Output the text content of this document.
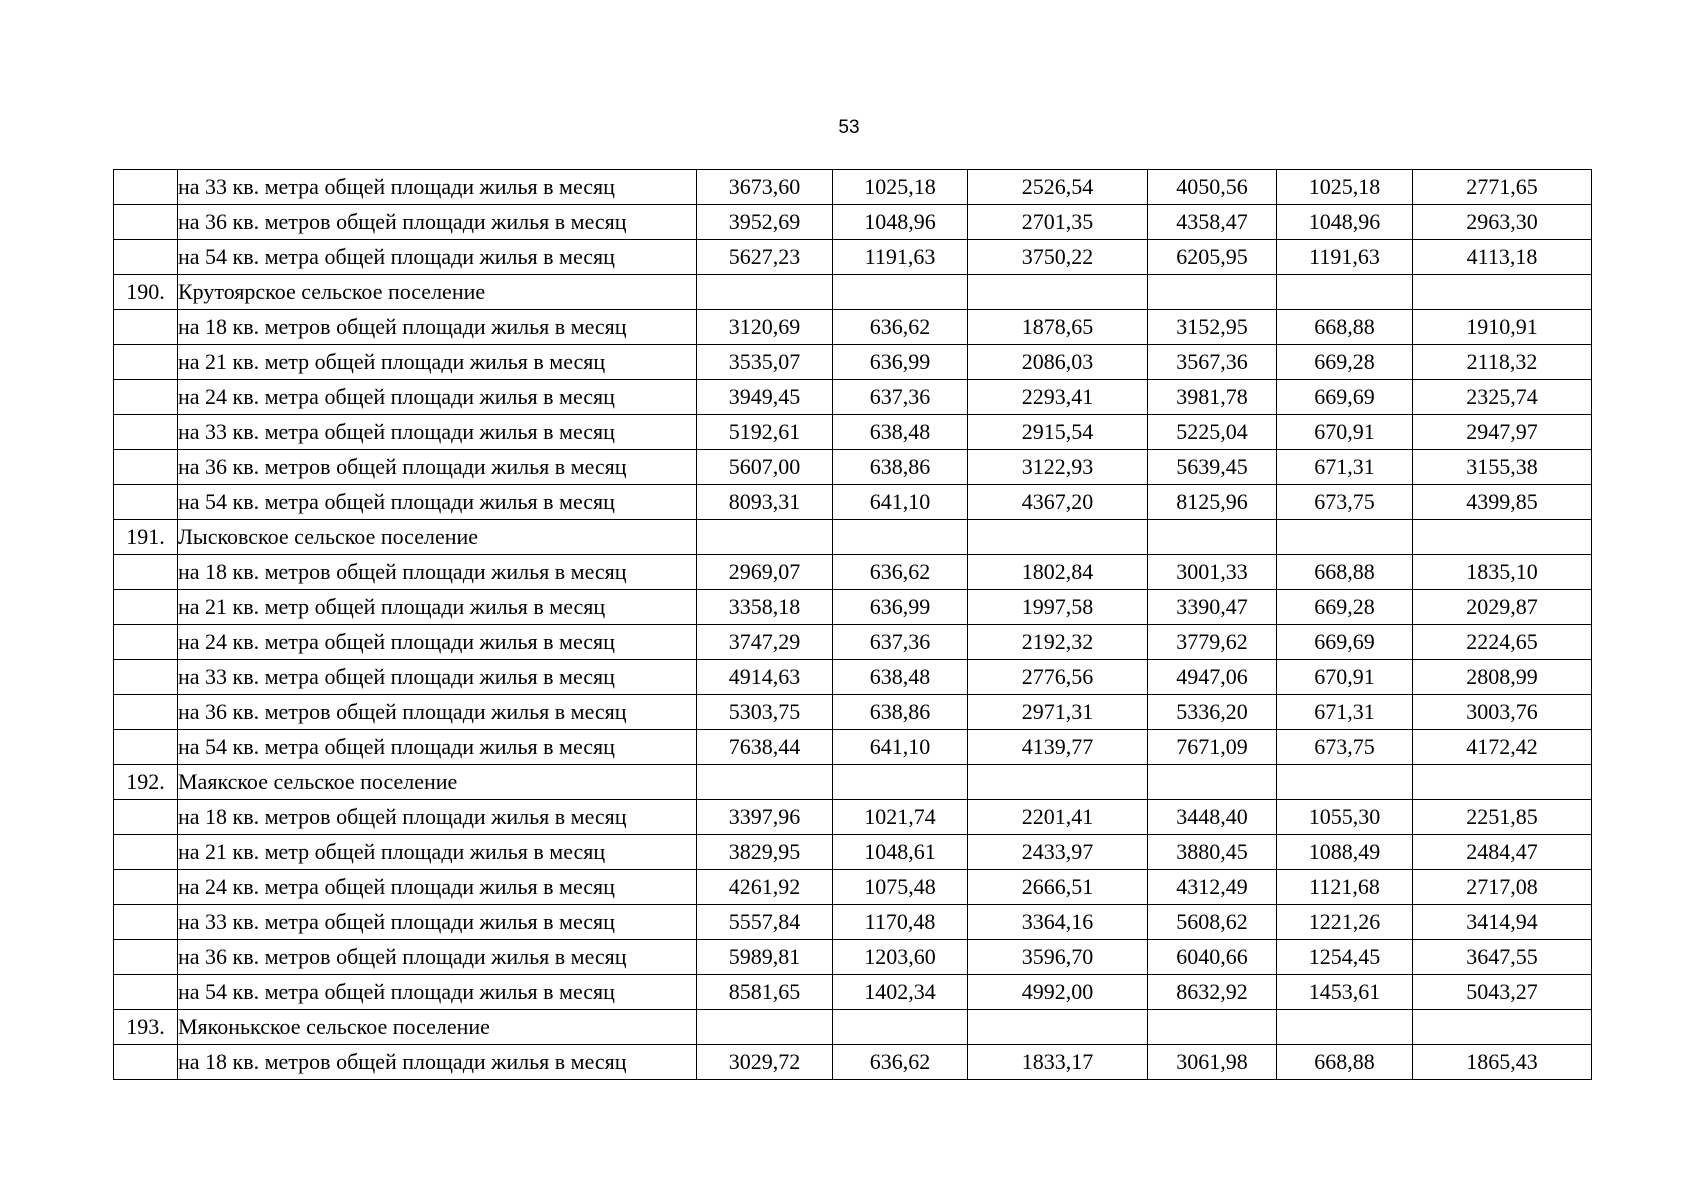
53
	на 33 кв. метра общей площади жилья в месяц	3673,60	1025,18	2526,54	4050,56	1025,18	2771,65
	на 36 кв. метров общей площади жилья в месяц	3952,69	1048,96	2701,35	4358,47	1048,96	2963,30
	на 54 кв. метра общей площади жилья в месяц	5627,23	1191,63	3750,22	6205,95	1191,63	4113,18
190.	Крутоярское сельское поселение						
	на 18 кв. метров общей площади жилья в месяц	3120,69	636,62	1878,65	3152,95	668,88	1910,91
	на 21 кв. метр общей площади жилья в месяц	3535,07	636,99	2086,03	3567,36	669,28	2118,32
	на 24 кв. метра общей площади жилья в месяц	3949,45	637,36	2293,41	3981,78	669,69	2325,74
	на 33 кв. метра общей площади жилья в месяц	5192,61	638,48	2915,54	5225,04	670,91	2947,97
	на 36 кв. метров общей площади жилья в месяц	5607,00	638,86	3122,93	5639,45	671,31	3155,38
	на 54 кв. метра общей площади жилья в месяц	8093,31	641,10	4367,20	8125,96	673,75	4399,85
191.	Лысковское сельское поселение						
	на 18 кв. метров общей площади жилья в месяц	2969,07	636,62	1802,84	3001,33	668,88	1835,10
	на 21 кв. метр общей площади жилья в месяц	3358,18	636,99	1997,58	3390,47	669,28	2029,87
	на 24 кв. метра общей площади жилья в месяц	3747,29	637,36	2192,32	3779,62	669,69	2224,65
	на 33 кв. метра общей площади жилья в месяц	4914,63	638,48	2776,56	4947,06	670,91	2808,99
	на 36 кв. метров общей площади жилья в месяц	5303,75	638,86	2971,31	5336,20	671,31	3003,76
	на 54 кв. метра общей площади жилья в месяц	7638,44	641,10	4139,77	7671,09	673,75	4172,42
192.	Маякское сельское поселение						
	на 18 кв. метров общей площади жилья в месяц	3397,96	1021,74	2201,41	3448,40	1055,30	2251,85
	на 21 кв. метр общей площади жилья в месяц	3829,95	1048,61	2433,97	3880,45	1088,49	2484,47
	на 24 кв. метра общей площади жилья в месяц	4261,92	1075,48	2666,51	4312,49	1121,68	2717,08
	на 33 кв. метра общей площади жилья в месяц	5557,84	1170,48	3364,16	5608,62	1221,26	3414,94
	на 36 кв. метров общей площади жилья в месяц	5989,81	1203,60	3596,70	6040,66	1254,45	3647,55
	на 54 кв. метра общей площади жилья в месяц	8581,65	1402,34	4992,00	8632,92	1453,61	5043,27
193.	Мяконькское сельское поселение						
	на 18 кв. метров общей площади жилья в месяц	3029,72	636,62	1833,17	3061,98	668,88	1865,43
